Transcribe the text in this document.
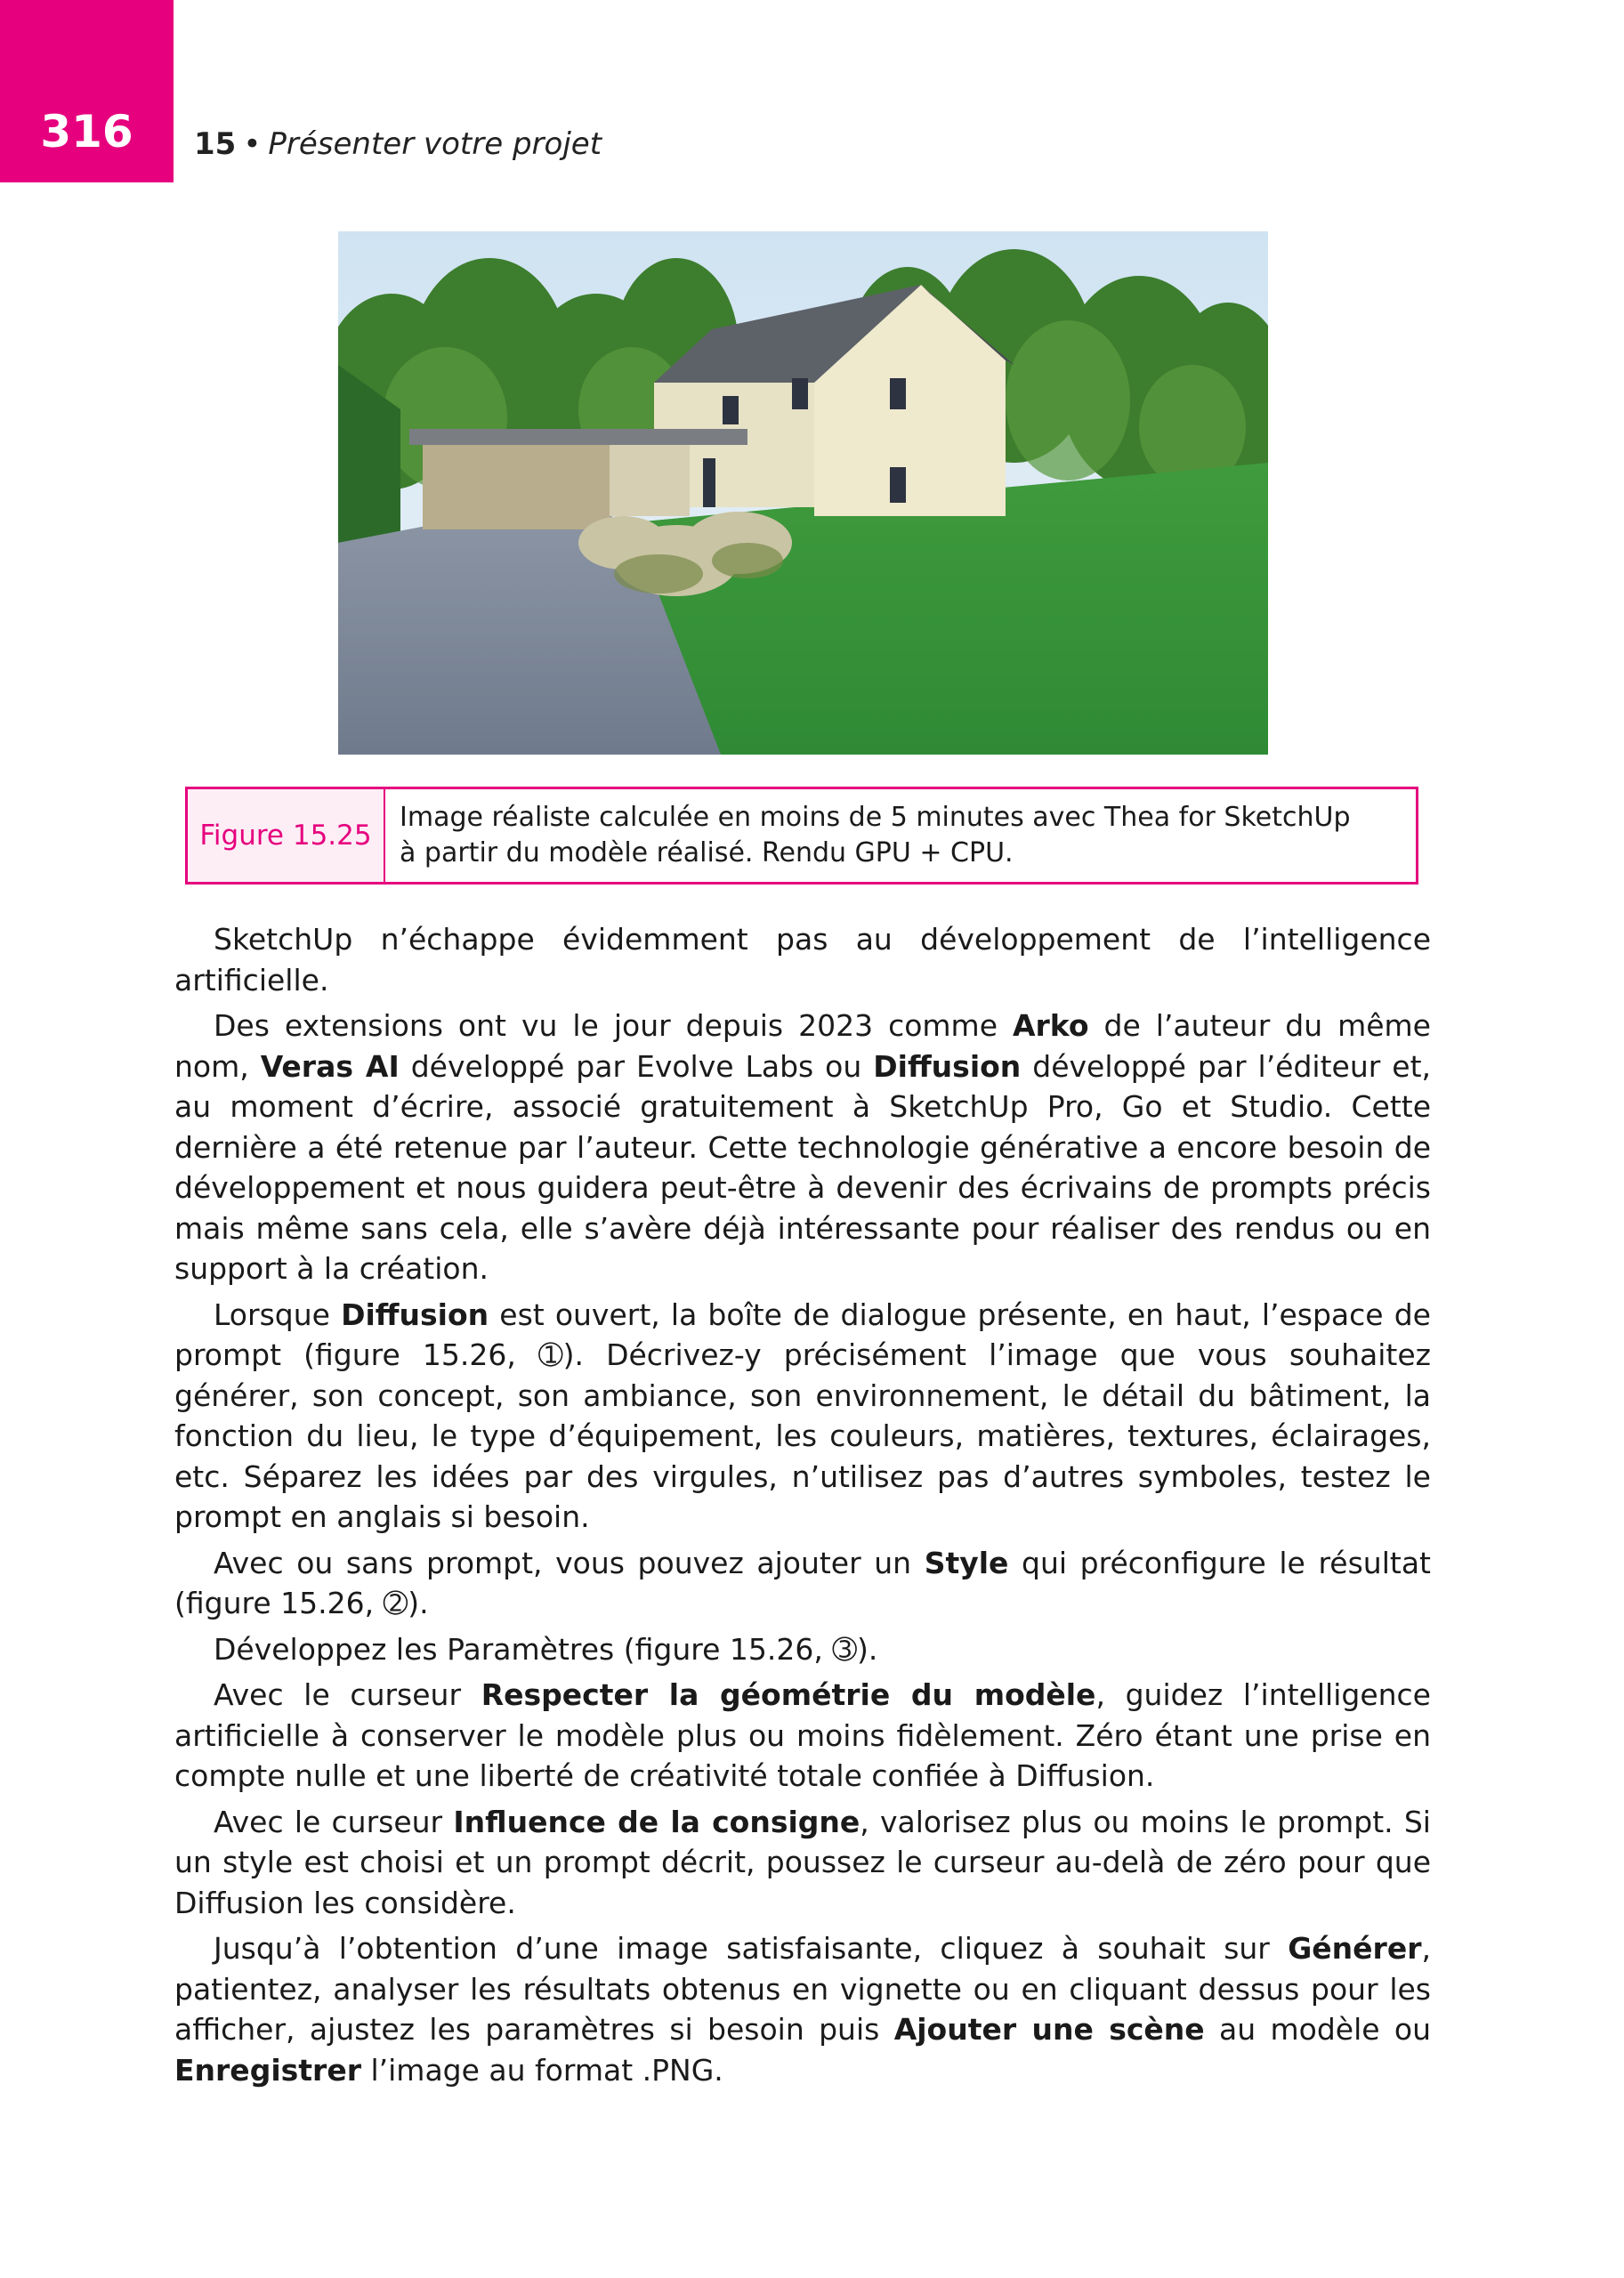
316	15 • Présenter votre projet
Figure 15.25
Image réaliste calculée en moins de 5 minutes avec Thea for SketchUp
à partir du modèle réalisé. Rendu GPU + CPU.

SketchUp n’échappe évidemment pas au développement de l’intelligence artificielle.

Des extensions ont vu le jour depuis 2023 comme Arko de l’auteur du même nom, Veras AI développé par Evolve Labs ou Diffusion développé par l’éditeur et, au moment d’écrire, associé gratuitement à SketchUp Pro, Go et Studio. Cette dernière a été retenue par l’auteur. Cette technologie générative a encore besoin de développement et nous guidera peut-être à devenir des écrivains de prompts précis mais même sans cela, elle s’avère déjà intéressante pour réaliser des rendus ou en support à la création.

Lorsque Diffusion est ouvert, la boîte de dialogue présente, en haut, l’espace de prompt (figure 15.26, ➀). Décrivez-y précisément l’image que vous souhaitez générer, son concept, son ambiance, son environnement, le détail du bâtiment, la fonction du lieu, le type d’équipement, les couleurs, matières, textures, éclairages, etc. Séparez les idées par des virgules, n’utilisez pas d’autres symboles, testez le prompt en anglais si besoin.

Avec ou sans prompt, vous pouvez ajouter un Style qui préconfigure le résultat (figure 15.26, ➁).

Développez les Paramètres (figure 15.26, ➂).

Avec le curseur Respecter la géométrie du modèle, guidez l’intelligence artificielle à conserver le modèle plus ou moins fidèlement. Zéro étant une prise en compte nulle et une liberté de créativité totale confiée à Diffusion.

Avec le curseur Influence de la consigne, valorisez plus ou moins le prompt. Si un style est choisi et un prompt décrit, poussez le curseur au-delà de zéro pour que Diffusion les considère.

Jusqu’à l’obtention d’une image satisfaisante, cliquez à souhait sur Générer, patientez, analyser les résultats obtenus en vignette ou en cliquant dessus pour les afficher, ajustez les paramètres si besoin puis Ajouter une scène au modèle ou Enregistrer l’image au format .PNG.
